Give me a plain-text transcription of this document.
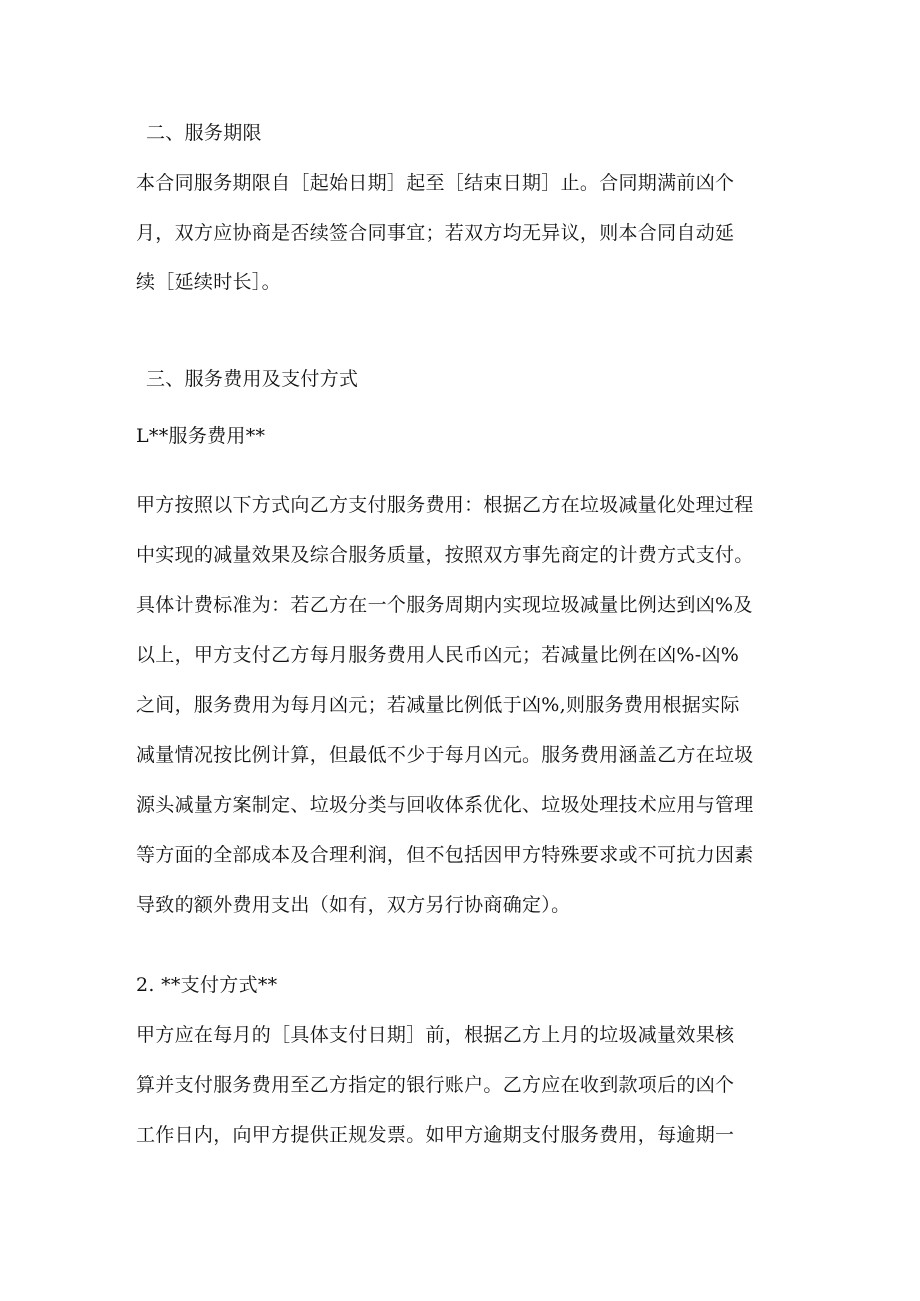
二、服务期限
本合同服务期限自［起始日期］起至［结束日期］止。合同期满前凶个
月，双方应协商是否续签合同事宜；若双方均无异议，则本合同自动延
续［延续时长］。
三、服务费用及支付方式
L**服务费用**
甲方按照以下方式向乙方支付服务费用：根据乙方在垃圾减量化处理过程
中实现的减量效果及综合服务质量，按照双方事先商定的计费方式支付。
具体计费标准为：若乙方在一个服务周期内实现垃圾减量比例达到凶%及
以上，甲方支付乙方每月服务费用人民币凶元；若减量比例在凶%-凶%
之间，服务费用为每月凶元；若减量比例低于凶%,则服务费用根据实际
减量情况按比例计算，但最低不少于每月凶元。服务费用涵盖乙方在垃圾
源头减量方案制定、垃圾分类与回收体系优化、垃圾处理技术应用与管理
等方面的全部成本及合理利润，但不包括因甲方特殊要求或不可抗力因素
导致的额外费用支出（如有，双方另行协商确定）。
2. **支付方式**
甲方应在每月的［具体支付日期］前，根据乙方上月的垃圾减量效果核
算并支付服务费用至乙方指定的银行账户。乙方应在收到款项后的凶个
工作日内，向甲方提供正规发票。如甲方逾期支付服务费用，每逾期一
